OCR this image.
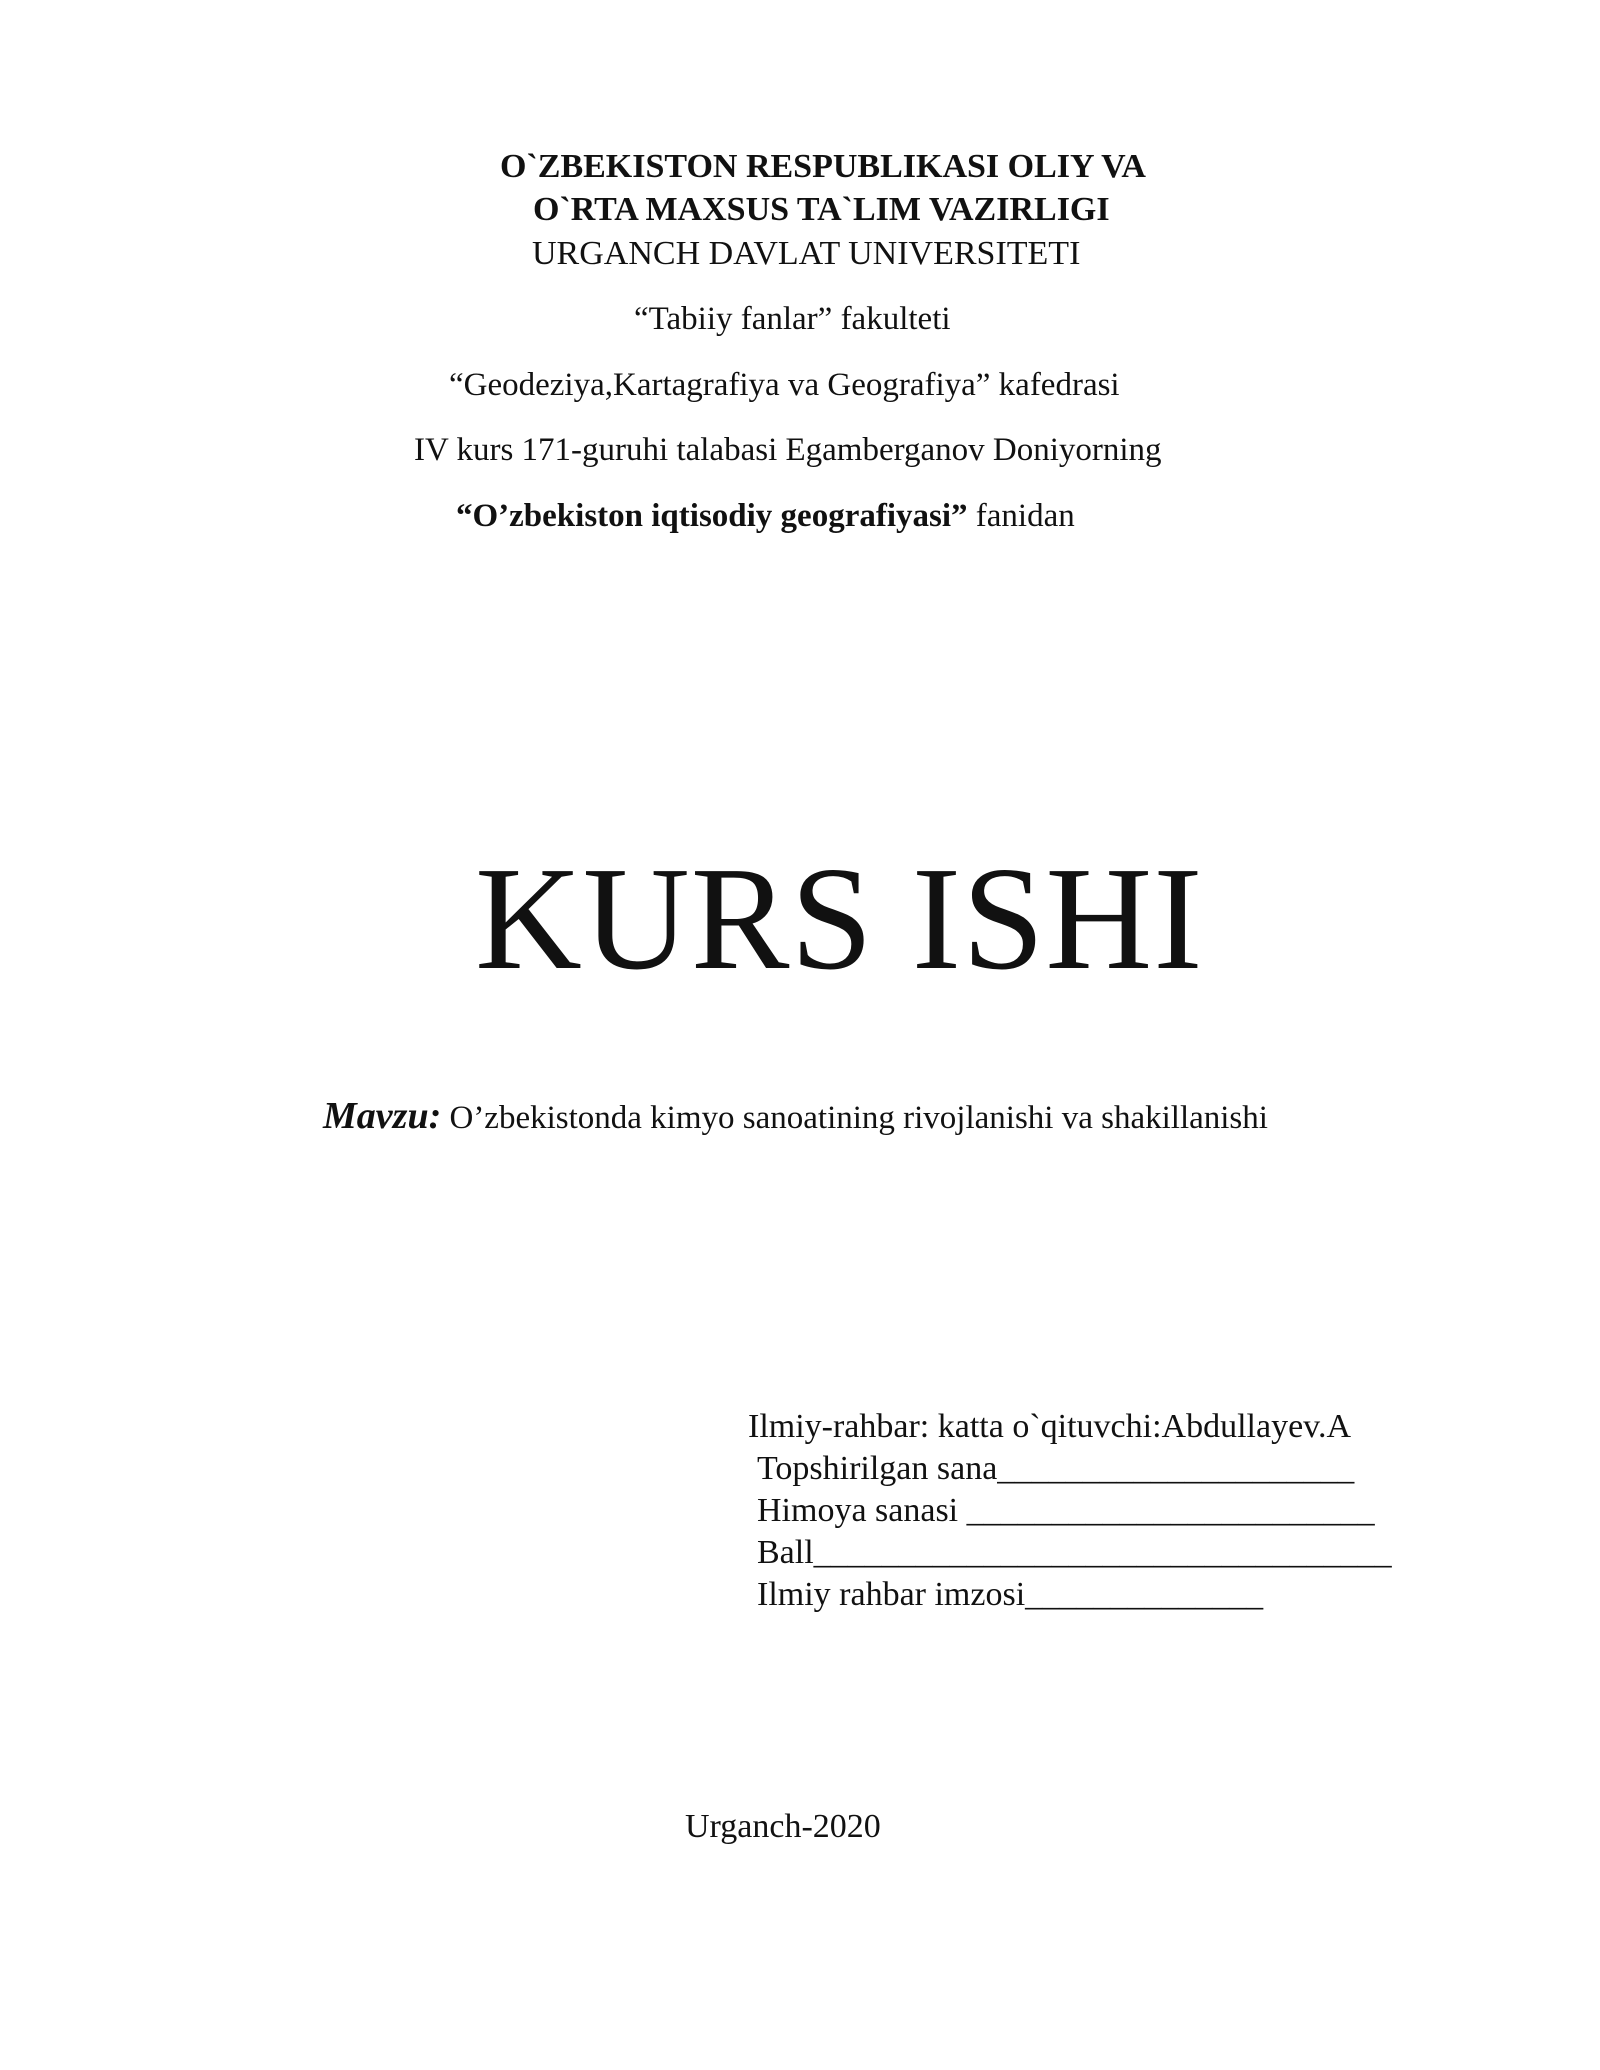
O`ZBEKISTON RESPUBLIKASI OLIY VA
O`RTA MAXSUS TA`LIM VAZIRLIGI
URGANCH DAVLAT UNIVERSITETI
“Tabiiy fanlar” fakulteti
“Geodeziya,Kartagrafiya va Geografiya” kafedrasi
IV kurs 171-guruhi talabasi Egamberganov Doniyorning
“O’zbekiston iqtisodiy geografiyasi” fanidan
KURS ISHI
Mavzu: O’zbekistonda kimyo sanoatining rivojlanishi va shakillanishi
Ilmiy-rahbar: katta o`qituvchi:Abdullayev.A
Topshirilgan sana_____________________
Himoya sanasi ________________________
Ball__________________________________
Ilmiy rahbar imzosi______________
Urganch-2020
